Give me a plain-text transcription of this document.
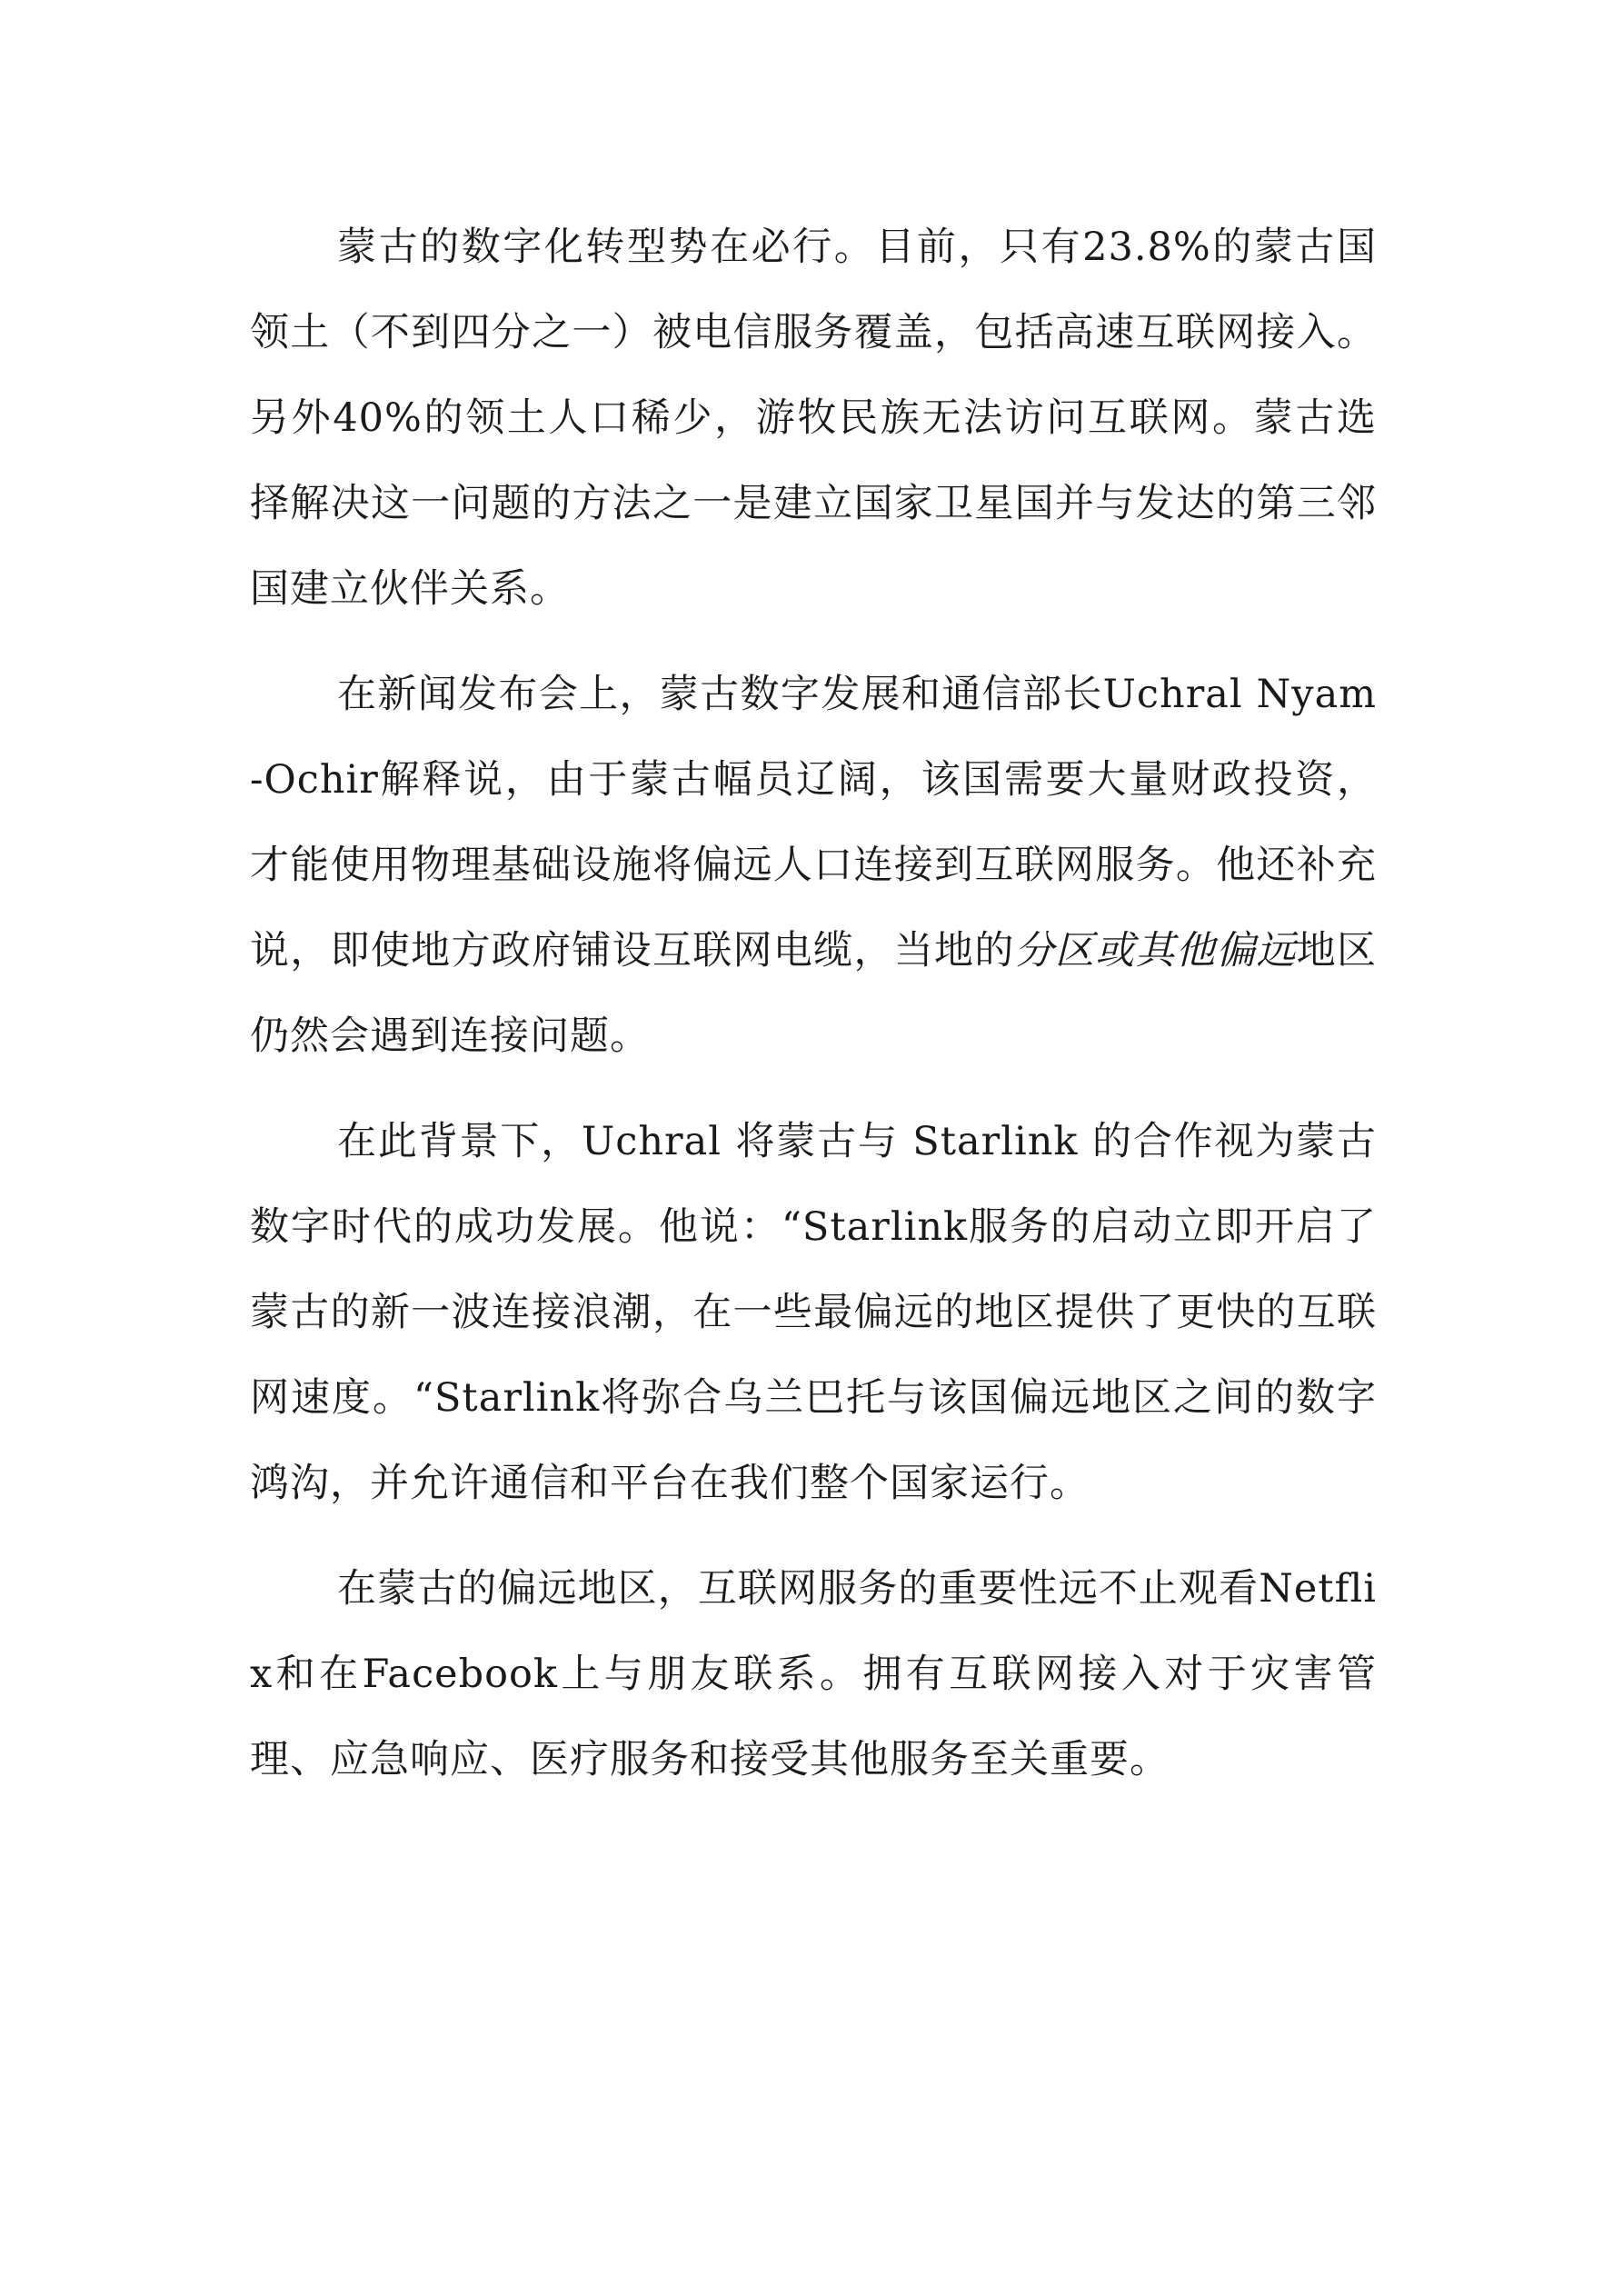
蒙古的数字化转型势在必行。目前，只有23.8%的蒙古国领土（不到四分之一）被电信服务覆盖，包括高速互联网接入。另外40%的领土人口稀少，游牧民族无法访问互联网。蒙古选择解决这一问题的方法之一是建立国家卫星国并与发达的第三邻国建立伙伴关系。

在新闻发布会上，蒙古数字发展和通信部长Uchral Nyam-Ochir解释说，由于蒙古幅员辽阔，该国需要大量财政投资，才能使用物理基础设施将偏远人口连接到互联网服务。他还补充说，即使地方政府铺设互联网电缆，当地的分区或其他偏远地区仍然会遇到连接问题。

在此背景下，Uchral 将蒙古与 Starlink 的合作视为蒙古数字时代的成功发展。他说：“Starlink服务的启动立即开启了蒙古的新一波连接浪潮，在一些最偏远的地区提供了更快的互联网速度。“Starlink将弥合乌兰巴托与该国偏远地区之间的数字鸿沟，并允许通信和平台在我们整个国家运行。

在蒙古的偏远地区，互联网服务的重要性远不止观看Netflix和在Facebook上与朋友联系。拥有互联网接入对于灾害管理、应急响应、医疗服务和接受其他服务至关重要。
